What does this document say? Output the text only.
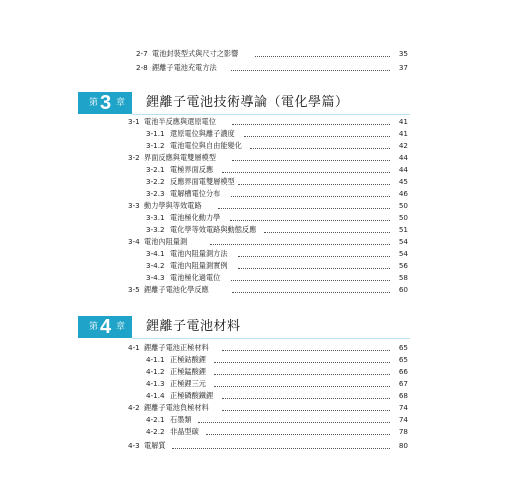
2-7 電池封裝型式與尺寸之影響	35
2-8 鋰離子電池充電方法	37
第 3 章 鋰離子電池技術導論（電化學篇）
3-1 電池半反應與還原電位	41
3-1.1 還原電位與離子濃度	41
3-1.2 電池電位與自由能變化	42
3-2 界面反應與電雙層模型	44
3-2.1 電極界面反應	44
3-2.2 反應界面電雙層模型	45
3-2.3 電解槽電位分布	46
3-3 動力學與等效電路	50
3-3.1 電池極化動力學	50
3-3.2 電化學等效電路與動態反應	51
3-4 電池內阻量測	54
3-4.1 電池內阻量測方法	54
3-4.2 電池內阻量測實例	56
3-4.3 電池極化過電位	58
3-5 鋰離子電池化學反應	60
第 4 章 鋰離子電池材料
4-1 鋰離子電池正極材料	65
4-1.1 正極鈷酸鋰	65
4-1.2 正極錳酸鋰	66
4-1.3 正極鋰三元	67
4-1.4 正極磷酸鐵鋰	68
4-2 鋰離子電池負極材料	74
4-2.1 石墨類	74
4-2.2 非晶型碳	78
4-3 電解質	80
